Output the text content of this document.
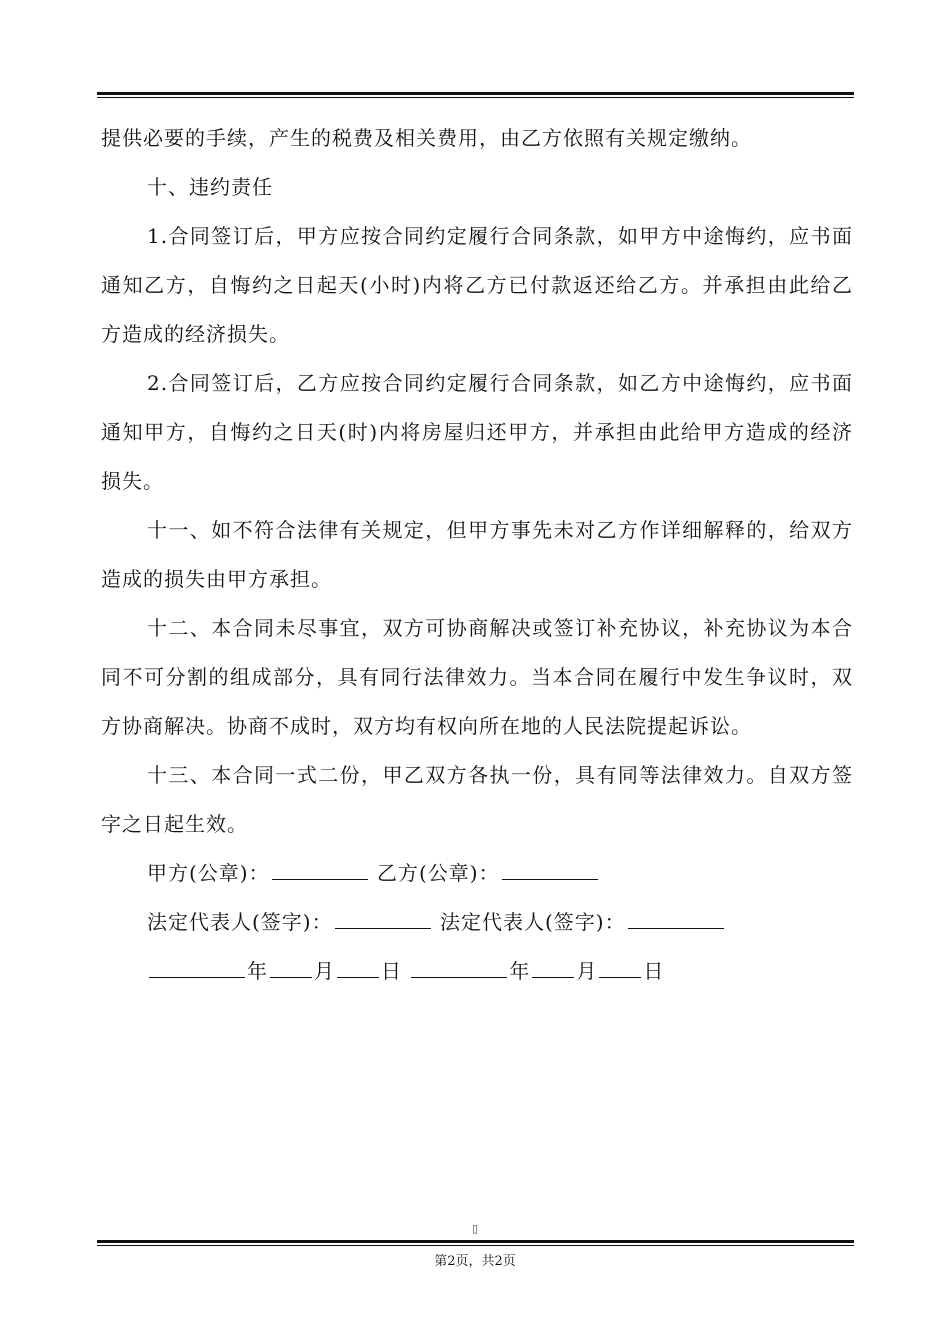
提供必要的手续，产生的税费及相关费用，由乙方依照有关规定缴纳。

十、违约责任

1.合同签订后，甲方应按合同约定履行合同条款，如甲方中途悔约，应书面通知乙方，自悔约之日起天(小时)内将乙方已付款返还给乙方。并承担由此给乙方造成的经济损失。

2.合同签订后，乙方应按合同约定履行合同条款，如乙方中途悔约，应书面通知甲方，自悔约之日天(时)内将房屋归还甲方，并承担由此给甲方造成的经济损失。

十一、如不符合法律有关规定，但甲方事先未对乙方作详细解释的，给双方造成的损失由甲方承担。

十二、本合同未尽事宜，双方可协商解决或签订补充协议，补充协议为本合同不可分割的组成部分，具有同行法律效力。当本合同在履行中发生争议时，双方协商解决。协商不成时，双方均有权向所在地的人民法院提起诉讼。

十三、本合同一式二份，甲乙双方各执一份，具有同等法律效力。自双方签字之日起生效。

甲方(公章)：	乙方(公章)：

法定代表人(签字)：	法定代表人(签字)：

年 月 日	年 月 日

▯
第2页，共2页
